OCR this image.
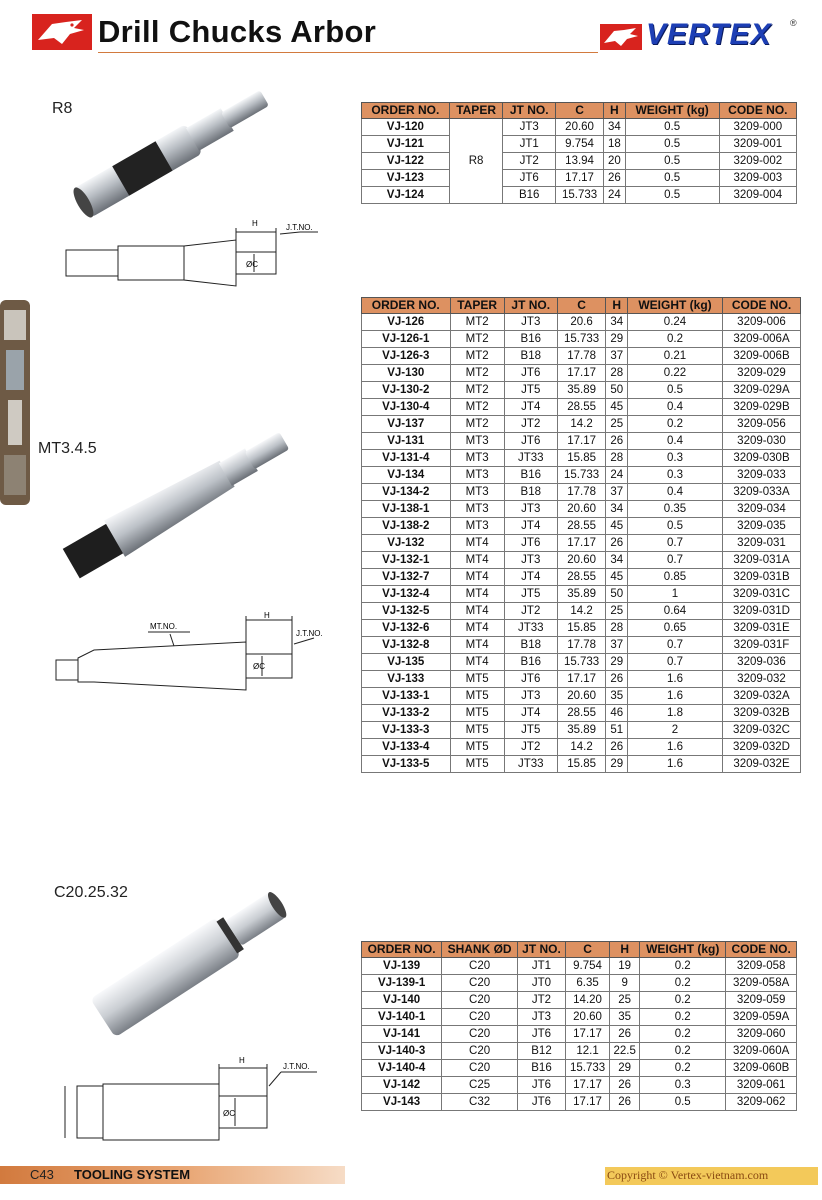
Drill Chucks Arbor	VERTEX ®
R8
H	J.T.NO.
ØC
ORDER NO.	TAPER	JT NO.	C	H	WEIGHT (kg)	CODE NO.
VJ-120	R8	JT3	20.60	34	0.5	3209-000
VJ-121		JT1	9.754	18	0.5	3209-001
VJ-122		JT2	13.94	20	0.5	3209-002
VJ-123		JT6	17.17	26	0.5	3209-003
VJ-124		B16	15.733	24	0.5	3209-004
MT3.4.5
H
MT.NO.
J.T.NO.
ØC
ORDER NO.	TAPER	JT NO.	C	H	WEIGHT (kg)	CODE NO.
VJ-126	MT2	JT3	20.6	34	0.24	3209-006
VJ-126-1	MT2	B16	15.733	29	0.2	3209-006A
VJ-126-3	MT2	B18	17.78	37	0.21	3209-006B
VJ-130	MT2	JT6	17.17	28	0.22	3209-029
VJ-130-2	MT2	JT5	35.89	50	0.5	3209-029A
VJ-130-4	MT2	JT4	28.55	45	0.4	3209-029B
VJ-137	MT2	JT2	14.2	25	0.2	3209-056
VJ-131	MT3	JT6	17.17	26	0.4	3209-030
VJ-131-4	MT3	JT33	15.85	28	0.3	3209-030B
VJ-134	MT3	B16	15.733	24	0.3	3209-033
VJ-134-2	MT3	B18	17.78	37	0.4	3209-033A
VJ-138-1	MT3	JT3	20.60	34	0.35	3209-034
VJ-138-2	MT3	JT4	28.55	45	0.5	3209-035
VJ-132	MT4	JT6	17.17	26	0.7	3209-031
VJ-132-1	MT4	JT3	20.60	34	0.7	3209-031A
VJ-132-7	MT4	JT4	28.55	45	0.85	3209-031B
VJ-132-4	MT4	JT5	35.89	50	1	3209-031C
VJ-132-5	MT4	JT2	14.2	25	0.64	3209-031D
VJ-132-6	MT4	JT33	15.85	28	0.65	3209-031E
VJ-132-8	MT4	B18	17.78	37	0.7	3209-031F
VJ-135	MT4	B16	15.733	29	0.7	3209-036
VJ-133	MT5	JT6	17.17	26	1.6	3209-032
VJ-133-1	MT5	JT3	20.60	35	1.6	3209-032A
VJ-133-2	MT5	JT4	28.55	46	1.8	3209-032B
VJ-133-3	MT5	JT5	35.89	51	2	3209-032C
VJ-133-4	MT5	JT2	14.2	26	1.6	3209-032D
VJ-133-5	MT5	JT33	15.85	29	1.6	3209-032E
C20.25.32
H
J.T.NO.
ØC
ORDER NO.	SHANK ØD	JT NO.	C	H	WEIGHT (kg)	CODE NO.
VJ-139	C20	JT1	9.754	19	0.2	3209-058
VJ-139-1	C20	JT0	6.35	9	0.2	3209-058A
VJ-140	C20	JT2	14.20	25	0.2	3209-059
VJ-140-1	C20	JT3	20.60	35	0.2	3209-059A
VJ-141	C20	JT6	17.17	26	0.2	3209-060
VJ-140-3	C20	B12	12.1	22.5	0.2	3209-060A
VJ-140-4	C20	B16	15.733	29	0.2	3209-060B
VJ-142	C25	JT6	17.17	26	0.3	3209-061
VJ-143	C32	JT6	17.17	26	0.5	3209-062
C43 TOOLING SYSTEM	Copyright © Vertex-vietnam.com
